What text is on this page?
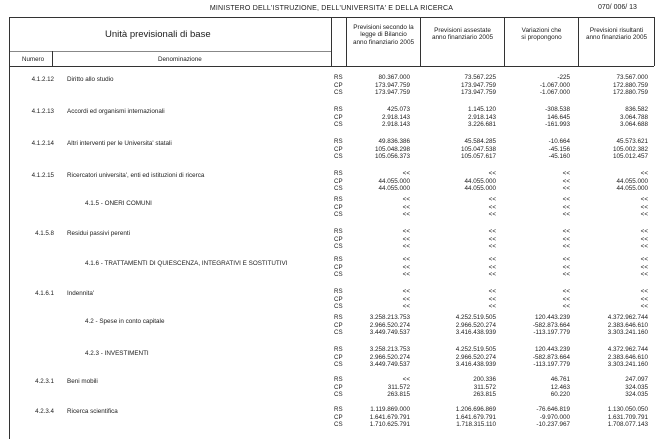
MINISTERO DELL'ISTRUZIONE, DELL'UNIVERSITA' E DELLA RICERCA	070/ 006/ 13
Unità previsionali di base
Numero	Denominazione
Previsioni secondo la
legge di Bilancio
anno finanziario 2005
Previsioni assestate
anno finanziario 2005
Variazioni che
si propongono
Previsioni risultanti
anno finanziario 2005
4.1.2.12 Diritto allo studio	RS	80.367.000	73.567.225	-225	73.567.000
CP	173.947.759	173.947.759	-1.067.000	172.880.759
CS	173.947.759	173.947.759	-1.067.000	172.880.759
4.1.2.13 Accordi ed organismi internazionali	RS	425.073	1.145.120	-308.538	836.582
CP	2.918.143	2.918.143	146.645	3.064.788
CS	2.918.143	3.226.681	-161.993	3.064.688
4.1.2.14 Altri interventi per le Universita' statali	RS	49.836.386	45.584.285	-10.664	45.573.621
CP	105.048.298	105.047.538	-45.156	105.002.382
CS	105.056.373	105.057.617	-45.160	105.012.457
4.1.2.15 Ricercatori universita', enti ed istituzioni di ricerca	RS	<<	<<	<<	<<
CP	44.055.000	44.055.000	<<	44.055.000
CS	44.055.000	44.055.000	<<	44.055.000
4.1.5 - ONERI COMUNI
RS	<<	<<	<<	<<
CP	<<	<<	<<	<<
CS	<<	<<	<<	<<
4.1.5.8 Residui passivi perenti	RS	<<	<<	<<	<<
CP	<<	<<	<<	<<
CS	<<	<<	<<	<<
4.1.6 - TRATTAMENTI DI QUIESCENZA, INTEGRATIVI E SOSTITUTIVI
RS	<<	<<	<<	<<
CP	<<	<<	<<	<<
CS	<<	<<	<<	<<
4.1.6.1 Indennita'	RS	<<	<<	<<	<<
CP	<<	<<	<<	<<
CS	<<	<<	<<	<<
4.2 - Spese in conto capitale
RS	3.258.213.753	4.252.519.505	120.443.239	4.372.962.744
CP	2.966.520.274	2.966.520.274	-582.873.664	2.383.646.610
CS	3.449.749.537	3.416.438.939	-113.197.779	3.303.241.160
4.2.3 - INVESTIMENTI
RS	3.258.213.753	4.252.519.505	120.443.239	4.372.962.744
CP	2.966.520.274	2.966.520.274	-582.873.664	2.383.646.610
CS	3.449.749.537	3.416.438.939	-113.197.779	3.303.241.160
4.2.3.1 Beni mobili	RS	<<	200.336	46.761	247.097
CP	311.572	311.572	12.463	324.035
CS	263.815	263.815	60.220	324.035
4.2.3.4 Ricerca scientifica	RS	1.119.869.000	1.206.696.869	-76.646.819	1.130.050.050
CP	1.641.679.791	1.641.679.791	-9.970.000	1.631.709.791
CS	1.710.625.791	1.718.315.110	-10.237.967	1.708.077.143
